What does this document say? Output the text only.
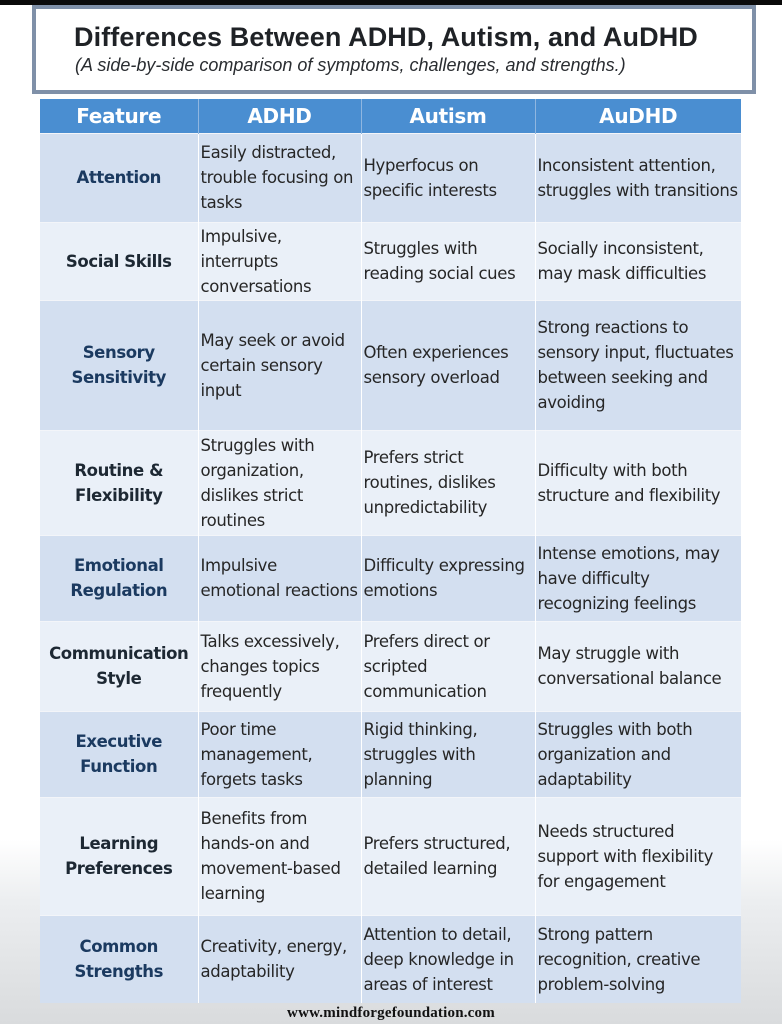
Differences Between ADHD, Autism, and AuDHD
(A side-by-side comparison of symptoms, challenges, and strengths.)
Feature	ADHD	Autism	AuDHD
Attention	Easily distracted, trouble focusing on tasks	Hyperfocus on specific interests	Inconsistent attention, struggles with transitions
Social Skills	Impulsive, interrupts conversations	Struggles with reading social cues	Socially inconsistent, may mask difficulties
Sensory Sensitivity	May seek or avoid certain sensory input	Often experiences sensory overload	Strong reactions to sensory input, fluctuates between seeking and avoiding
Routine & Flexibility	Struggles with organization, dislikes strict routines	Prefers strict routines, dislikes unpredictability	Difficulty with both structure and flexibility
Emotional Regulation	Impulsive emotional reactions	Difficulty expressing emotions	Intense emotions, may have difficulty recognizing feelings
Communication Style	Talks excessively, changes topics frequently	Prefers direct or scripted communication	May struggle with conversational balance
Executive Function	Poor time management, forgets tasks	Rigid thinking, struggles with planning	Struggles with both organization and adaptability
Learning Preferences	Benefits from hands-on and movement-based learning	Prefers structured, detailed learning	Needs structured support with flexibility for engagement
Common Strengths	Creativity, energy, adaptability	Attention to detail, deep knowledge in areas of interest	Strong pattern recognition, creative problem-solving
www.mindforgefoundation.com
